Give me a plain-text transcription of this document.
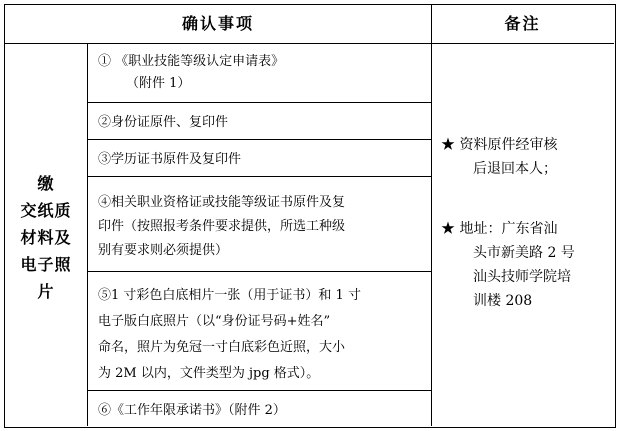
确认事项	备注
缴
交纸质
材料及
电子照
片
① 《职业技能等级认定申请表》
（附件 1）
②身份证原件、复印件
③学历证书原件及复印件
④相关职业资格证或技能等级证书原件及复
印件（按照报考条件要求提供，所选工种级
别有要求则必须提供）
⑤1 寸彩色白底相片一张（用于证书）和 1 寸
电子版白底照片（以“身份证号码+姓名”
命名，照片为免冠一寸白底彩色近照，大小
为 2M 以内，文件类型为 jpg 格式）。
⑥《工作年限承诺书》（附件 2）
★ 资料原件经审核
后退回本人；
★ 地址：广东省汕
头市新美路 2 号
汕头技师学院培
训楼 208
